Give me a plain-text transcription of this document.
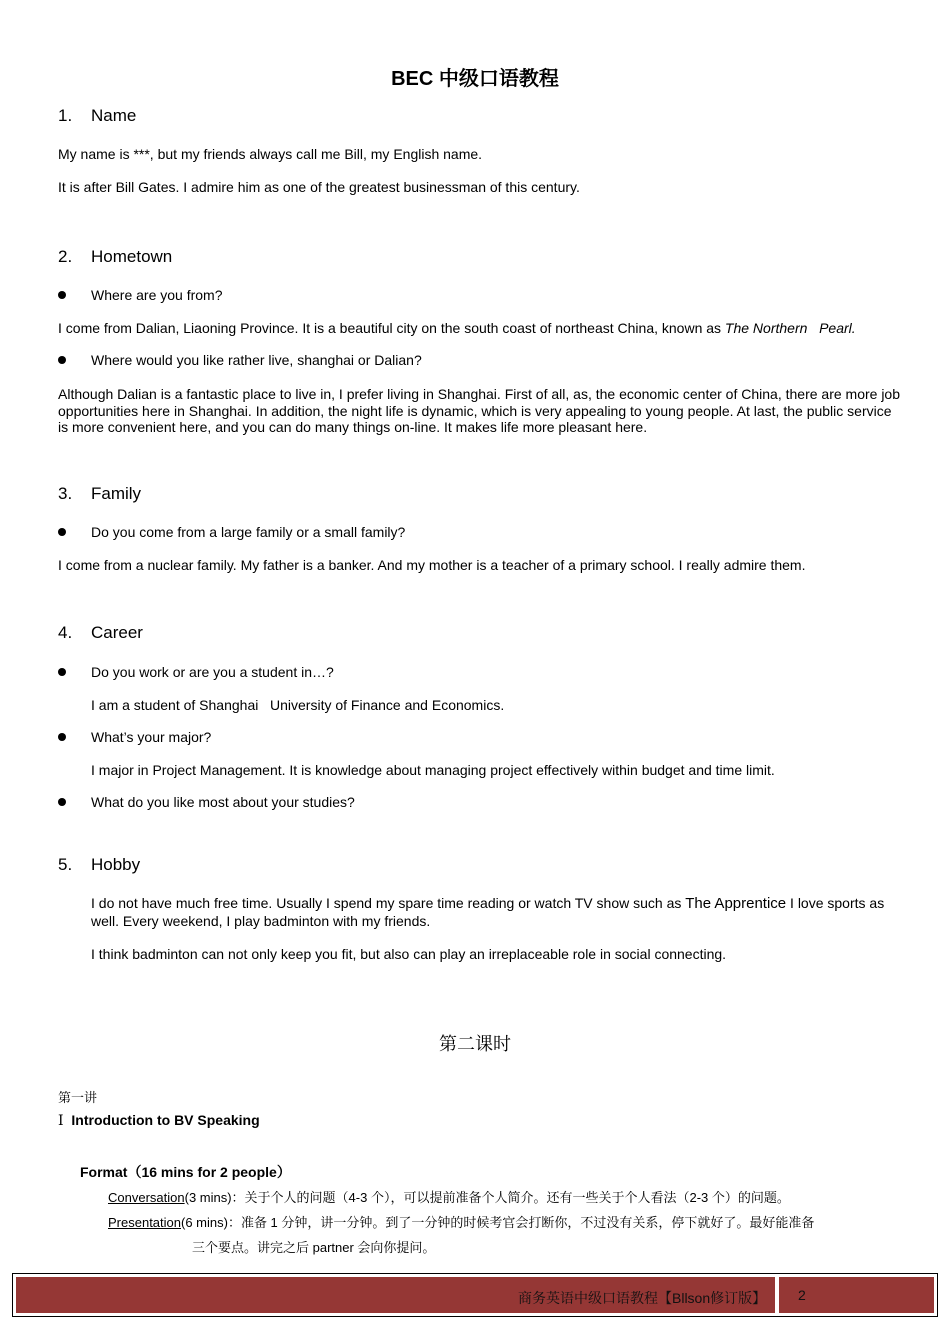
BEC 中级口语教程
1. Name
My name is ***, but my friends always call me Bill, my English name.
It is after Bill Gates. I admire him as one of the greatest businessman of this century.
2. Hometown
Where are you from?
I come from Dalian, Liaoning Province. It is a beautiful city on the south coast of northeast China, known as The Northern   Pearl.
Where would you like rather live, shanghai or Dalian?
Although Dalian is a fantastic place to live in, I prefer living in Shanghai. First of all, as, the economic center of China, there are more job opportunities here in Shanghai. In addition, the night life is dynamic, which is very appealing to young people. At last, the public service is more convenient here, and you can do many things on-line. It makes life more pleasant here.
3. Family
Do you come from a large family or a small family?
I come from a nuclear family. My father is a banker. And my mother is a teacher of a primary school. I really admire them.
4. Career
Do you work or are you a student in…?
I am a student of Shanghai   University of Finance and Economics.
What’s your major?
I major in Project Management. It is knowledge about managing project effectively within budget and time limit.
What do you like most about your studies?
5. Hobby
I do not have much free time. Usually I spend my spare time reading or watch TV show such as The Apprentice I love sports as well. Every weekend, I play badminton with my friends.
I think badminton can not only keep you fit, but also can play an irreplaceable role in social connecting.
第二课时
第一讲
Ⅰ Introduction to BV Speaking
Format（16 mins for 2 people）
Conversation(3 mins)：关于个人的问题（4-3 个），可以提前准备个人简介。还有一些关于个人看法（2-3 个）的问题。
Presentation(6 mins)：准备 1 分钟，讲一分钟。到了一分钟的时候考官会打断你，不过没有关系，停下就好了。最好能准备
三个要点。讲完之后 partner 会向你提问。
商务英语中级口语教程【Bllson修订版】 2
